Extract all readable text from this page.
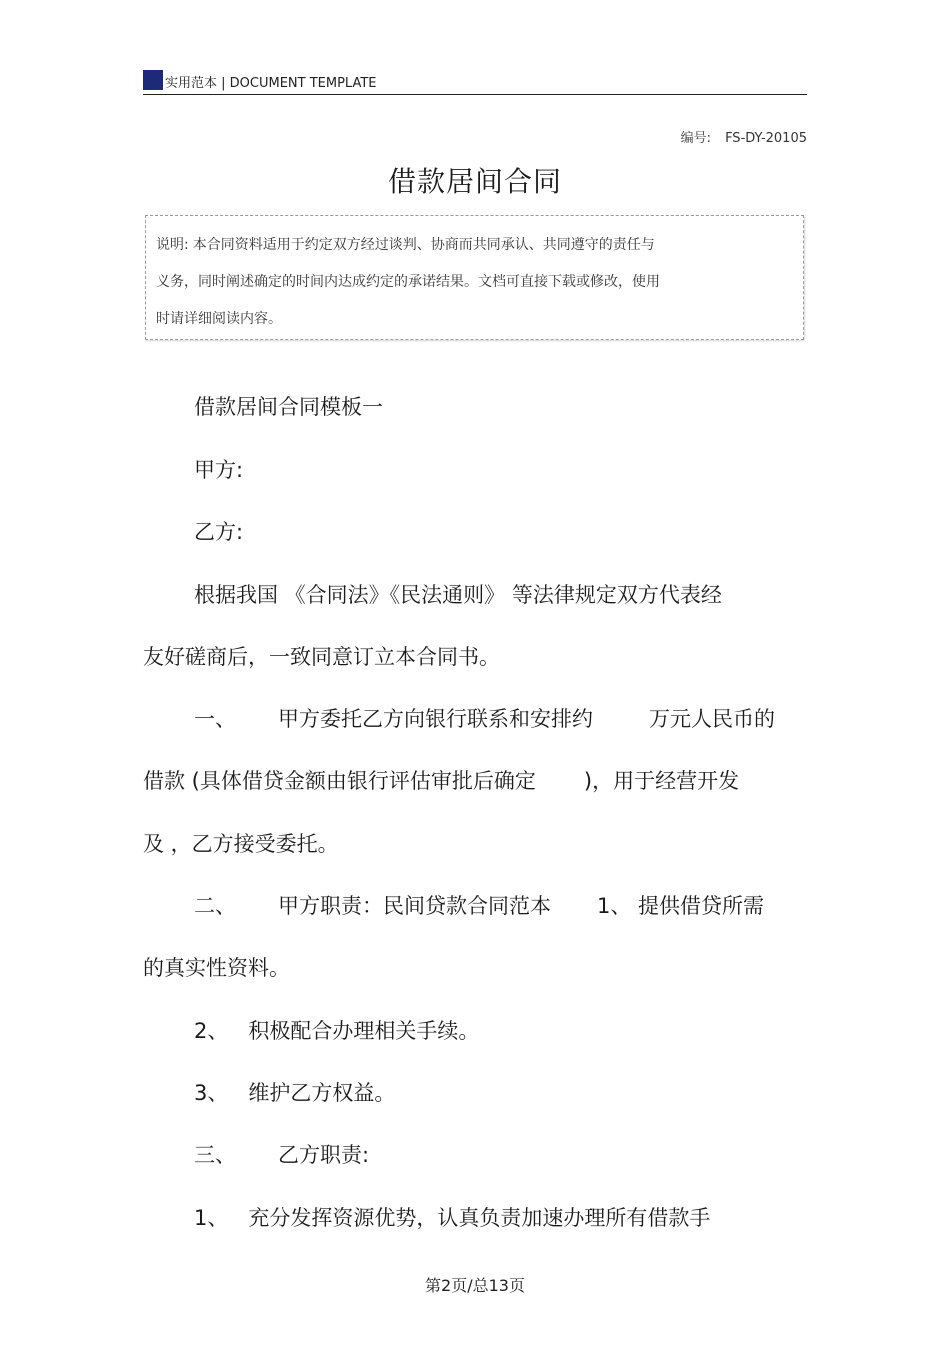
实用范本 | DOCUMENT TEMPLATE
编号: FS-DY-20105
借款居间合同
说明: 本合同资料适用于约定双方经过谈判、协商而共同承认、共同遵守的责任与
义务，同时阐述确定的时间内达成约定的承诺结果。文档可直接下载或修改，使用
时请详细阅读内容。
借款居间合同模板一
甲方:
乙方:
根据我国 《合同法》《民法通则》 等法律规定双方代表经
友好磋商后，一致同意订立本合同书。
一、 甲方委托乙方向银行联系和安排约	万元人民币的
借款 (具体借贷金额由银行评估审批后确定 )，用于经营开发
及 ，乙方接受委托。
二、 甲方职责：民间贷款合同范本 1、 提供借贷所需
的真实性资料。
2、 积极配合办理相关手续。
3、 维护乙方权益。
三、 乙方职责:
1、 充分发挥资源优势，认真负责加速办理所有借款手
第2页/总13页
